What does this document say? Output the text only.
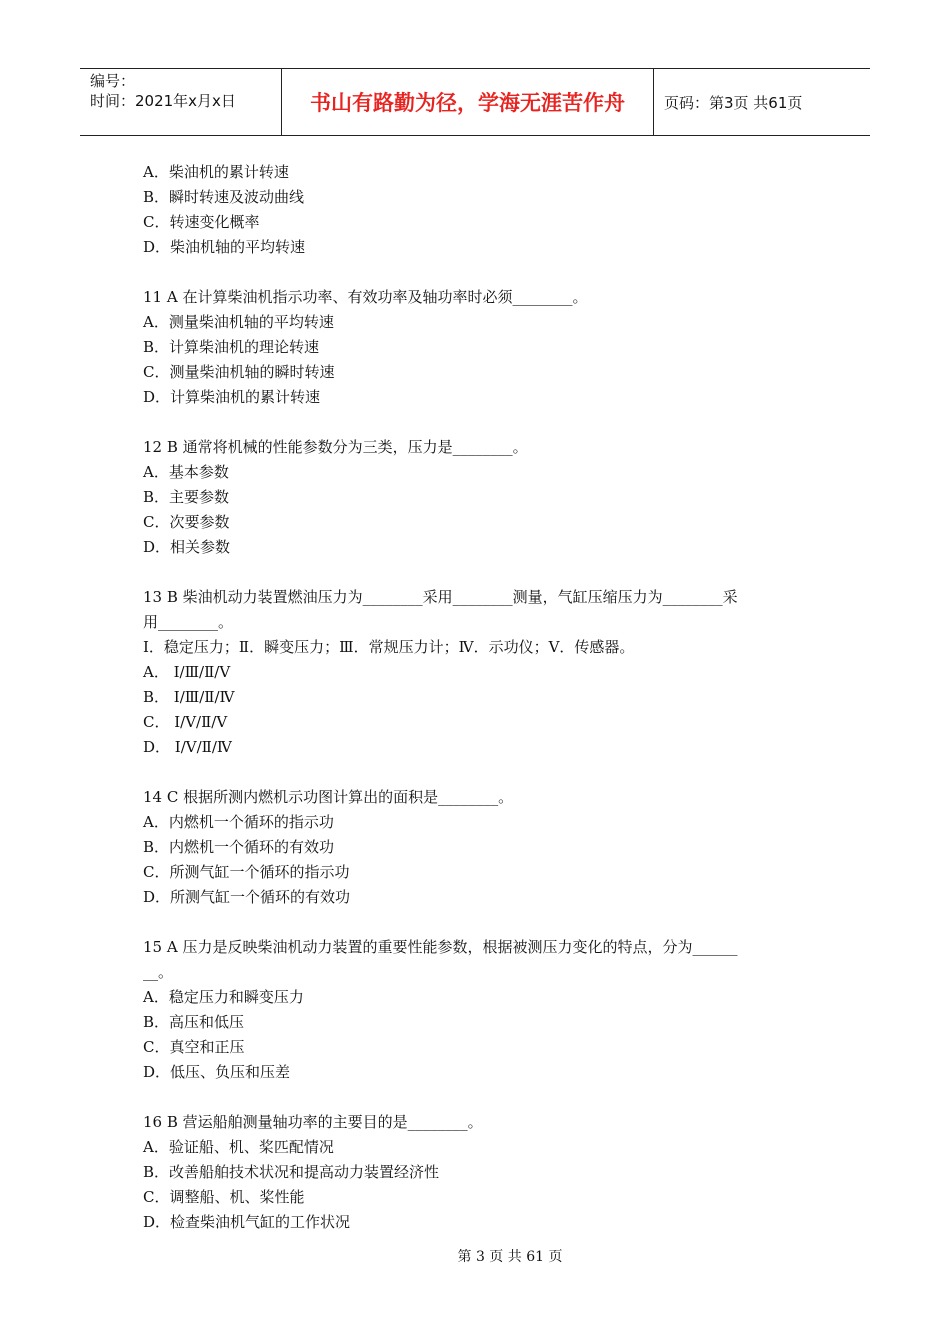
编号：
时间：2021年x月x日	书山有路勤为径，学海无涯苦作舟	页码：第3页 共61页
A．柴油机的累计转速
B．瞬时转速及波动曲线
C．转速变化概率
D．柴油机轴的平均转速
11 A 在计算柴油机指示功率、有效功率及轴功率时必须________。
A．测量柴油机轴的平均转速
B．计算柴油机的理论转速
C．测量柴油机轴的瞬时转速
D．计算柴油机的累计转速
12 B 通常将机械的性能参数分为三类，压力是________。
A．基本参数
B．主要参数
C．次要参数
D．相关参数
13 B 柴油机动力装置燃油压力为________采用________测量，气缸压缩压力为________采
用________。
Ⅰ．稳定压力；Ⅱ．瞬变压力；Ⅲ．常规压力计；Ⅳ．示功仪；Ⅴ．传感器。
A． Ⅰ/Ⅲ/Ⅱ/Ⅴ
B． Ⅰ/Ⅲ/Ⅱ/Ⅳ
C． Ⅰ/Ⅴ/Ⅱ/Ⅴ
D． Ⅰ/Ⅴ/Ⅱ/Ⅳ
14 C 根据所测内燃机示功图计算出的面积是________。
A．内燃机一个循环的指示功
B．内燃机一个循环的有效功
C．所测气缸一个循环的指示功
D．所测气缸一个循环的有效功
15 A 压力是反映柴油机动力装置的重要性能参数，根据被测压力变化的特点，分为______
__。
A．稳定压力和瞬变压力
B．高压和低压
C．真空和正压
D．低压、负压和压差
16 B 营运船舶测量轴功率的主要目的是________。
A．验证船、机、桨匹配情况
B．改善船舶技术状况和提高动力装置经济性
C．调整船、机、桨性能
D．检查柴油机气缸的工作状况
第 3 页 共 61 页
